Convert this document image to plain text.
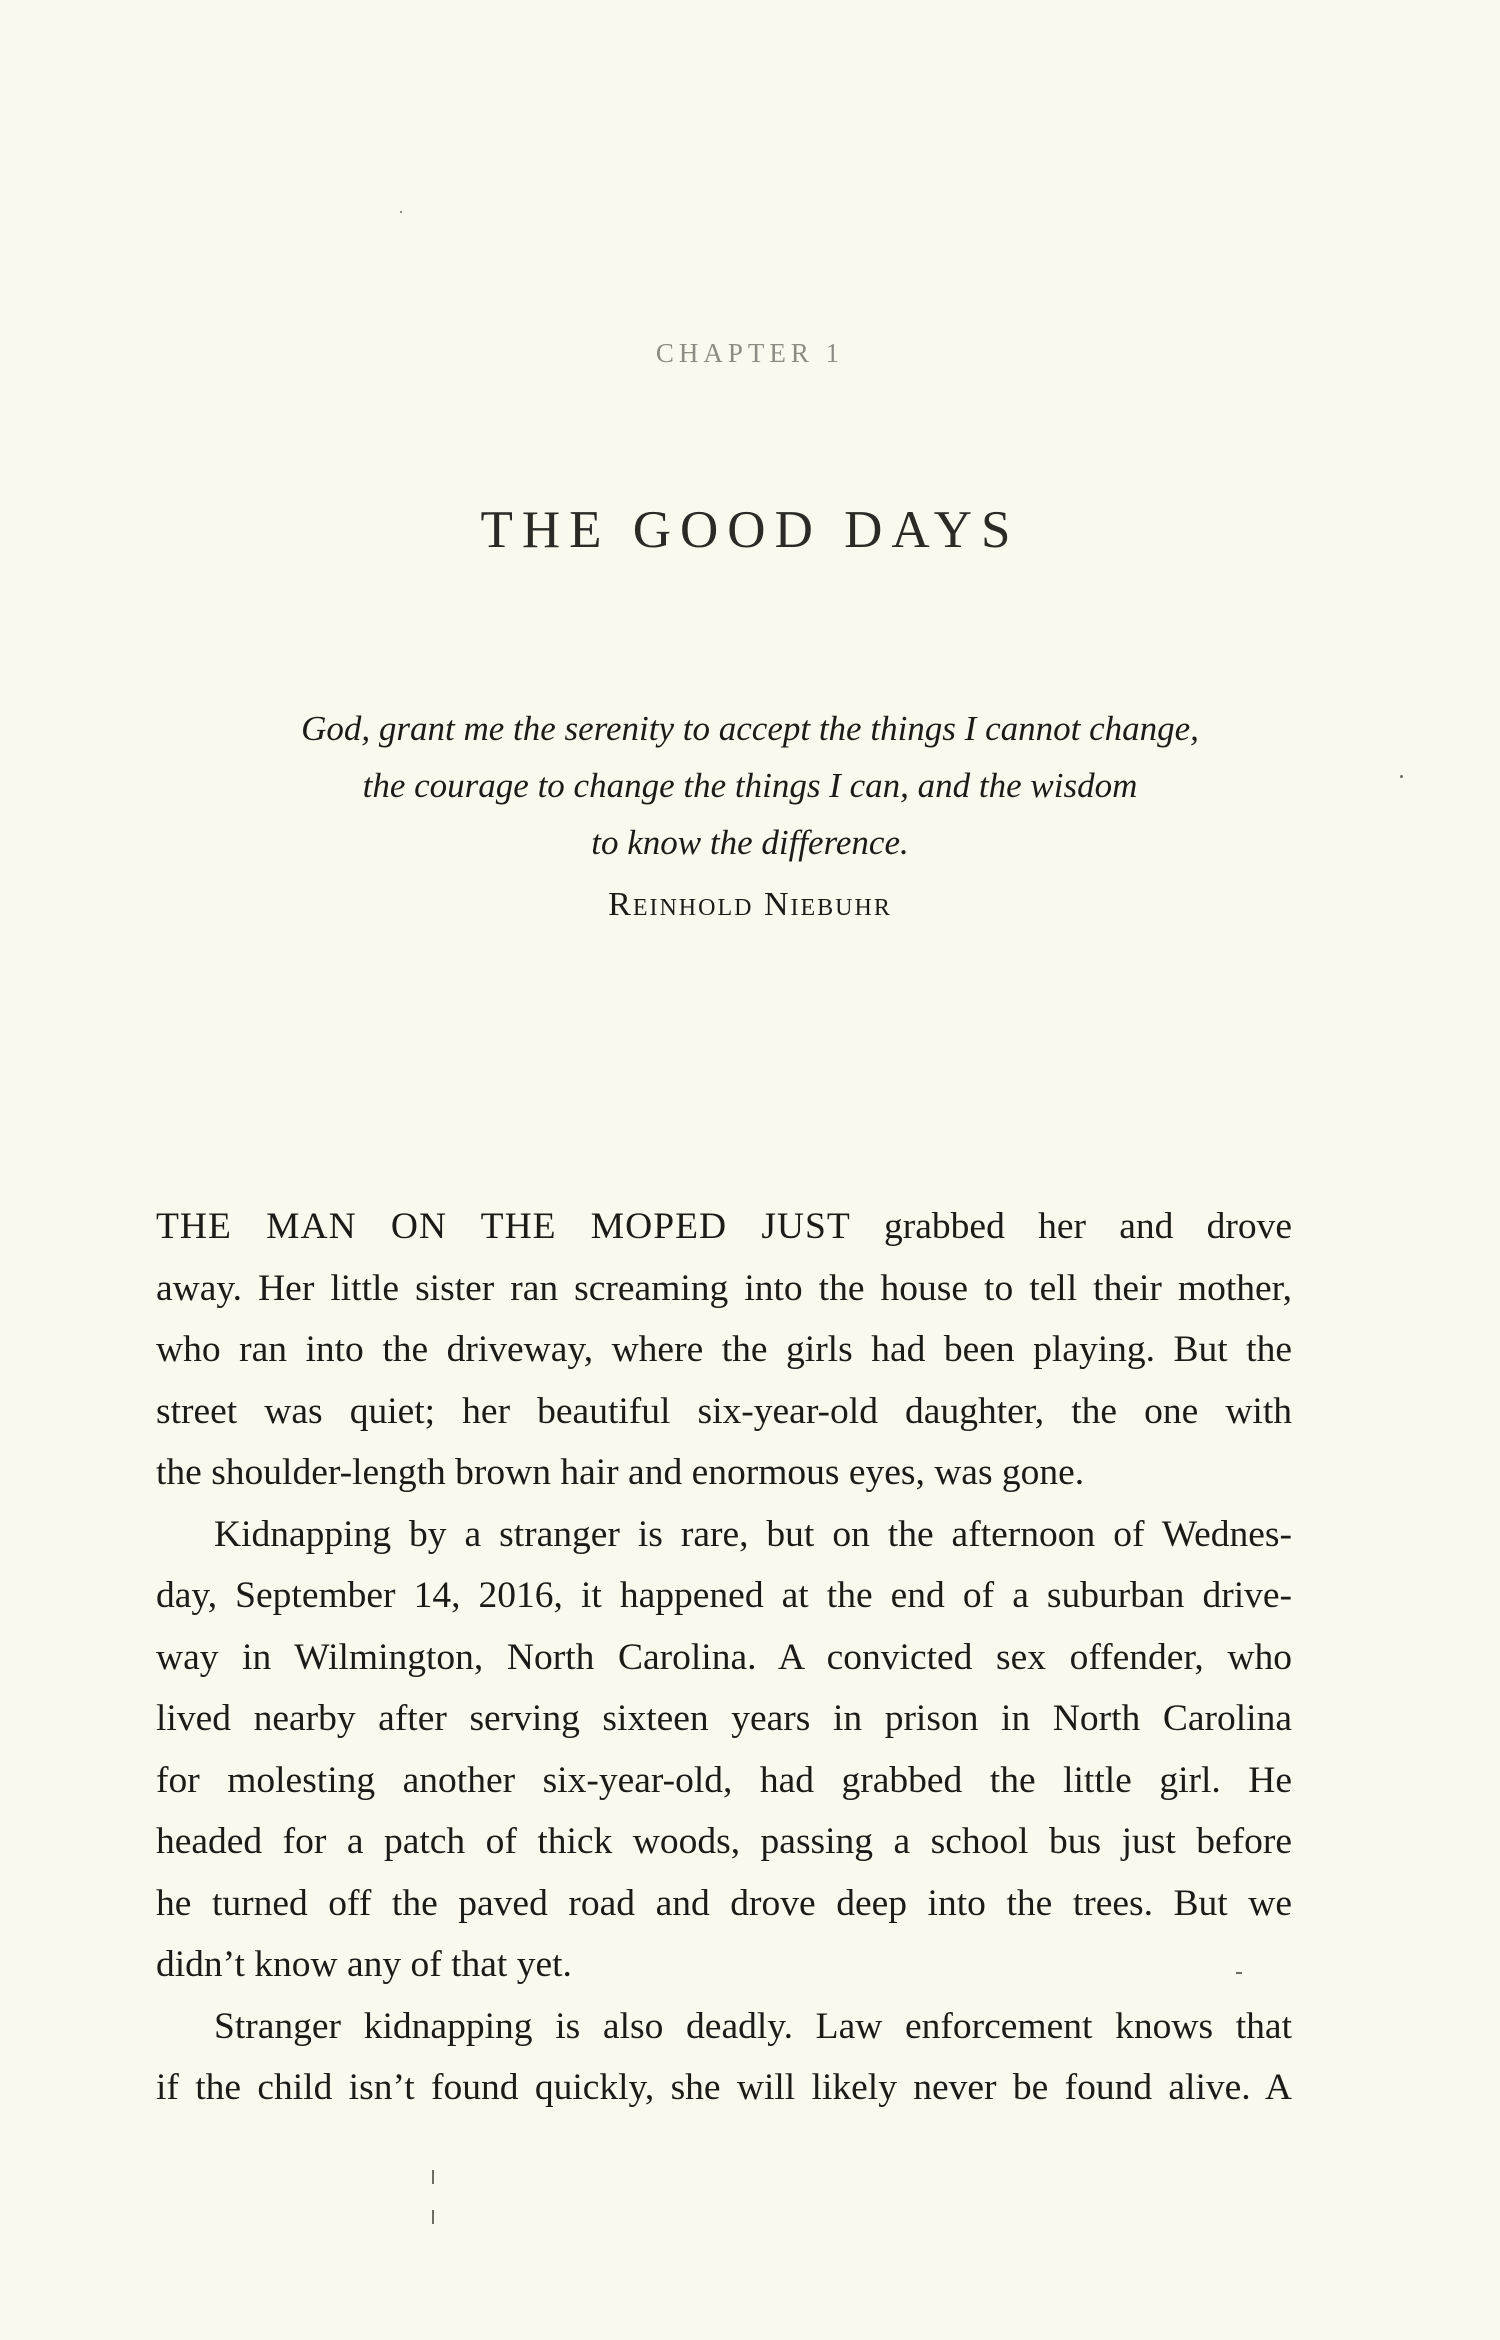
CHAPTER 1
THE GOOD DAYS
God, grant me the serenity to accept the things I cannot change,
the courage to change the things I can, and the wisdom
to know the difference.
Reinhold Niebuhr
THE MAN ON THE MOPED JUST grabbed her and drove
away. Her little sister ran screaming into the house to tell their mother,
who ran into the driveway, where the girls had been playing. But the
street was quiet; her beautiful six-year-old daughter, the one with
the shoulder-length brown hair and enormous eyes, was gone.
Kidnapping by a stranger is rare, but on the afternoon of Wednes-
day, September 14, 2016, it happened at the end of a suburban drive-
way in Wilmington, North Carolina. A convicted sex offender, who
lived nearby after serving sixteen years in prison in North Carolina
for molesting another six-year-old, had grabbed the little girl. He
headed for a patch of thick woods, passing a school bus just before
he turned off the paved road and drove deep into the trees. But we
didn’t know any of that yet.
Stranger kidnapping is also deadly. Law enforcement knows that
if the child isn’t found quickly, she will likely never be found alive. A
